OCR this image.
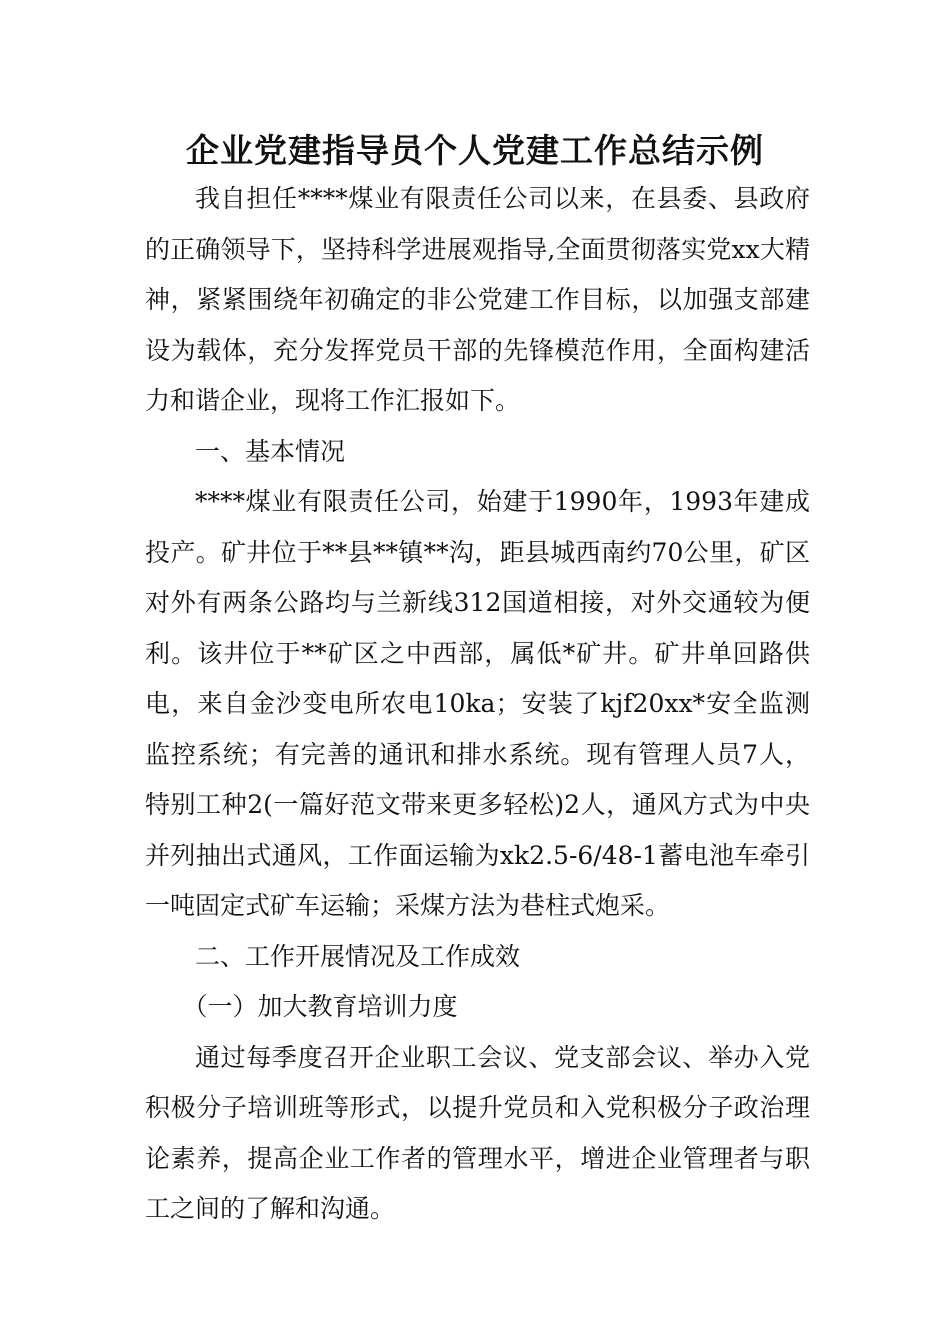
企业党建指导员个人党建工作总结示例

我自担任****煤业有限责任公司以来，在县委、县政府的正确领导下，坚持科学进展观指导,全面贯彻落实党xx大精神，紧紧围绕年初确定的非公党建工作目标，以加强支部建设为载体，充分发挥党员干部的先锋模范作用，全面构建活力和谐企业，现将工作汇报如下。

一、基本情况

****煤业有限责任公司，始建于1990年，1993年建成投产。矿井位于**县**镇**沟，距县城西南约70公里，矿区对外有两条公路均与兰新线312国道相接，对外交通较为便利。该井位于**矿区之中西部，属低*矿井。矿井单回路供电，来自金沙变电所农电10ka；安装了kjf20xx*安全监测监控系统；有完善的通讯和排水系统。现有管理人员7人，特别工种2(一篇好范文带来更多轻松)2人，通风方式为中央并列抽出式通风，工作面运输为xk2.5-6/48-1蓄电池车牵引一吨固定式矿车运输；采煤方法为巷柱式炮采。

二、工作开展情况及工作成效

（一）加大教育培训力度

通过每季度召开企业职工会议、党支部会议、举办入党积极分子培训班等形式，以提升党员和入党积极分子政治理论素养，提高企业工作者的管理水平，增进企业管理者与职工之间的了解和沟通。
